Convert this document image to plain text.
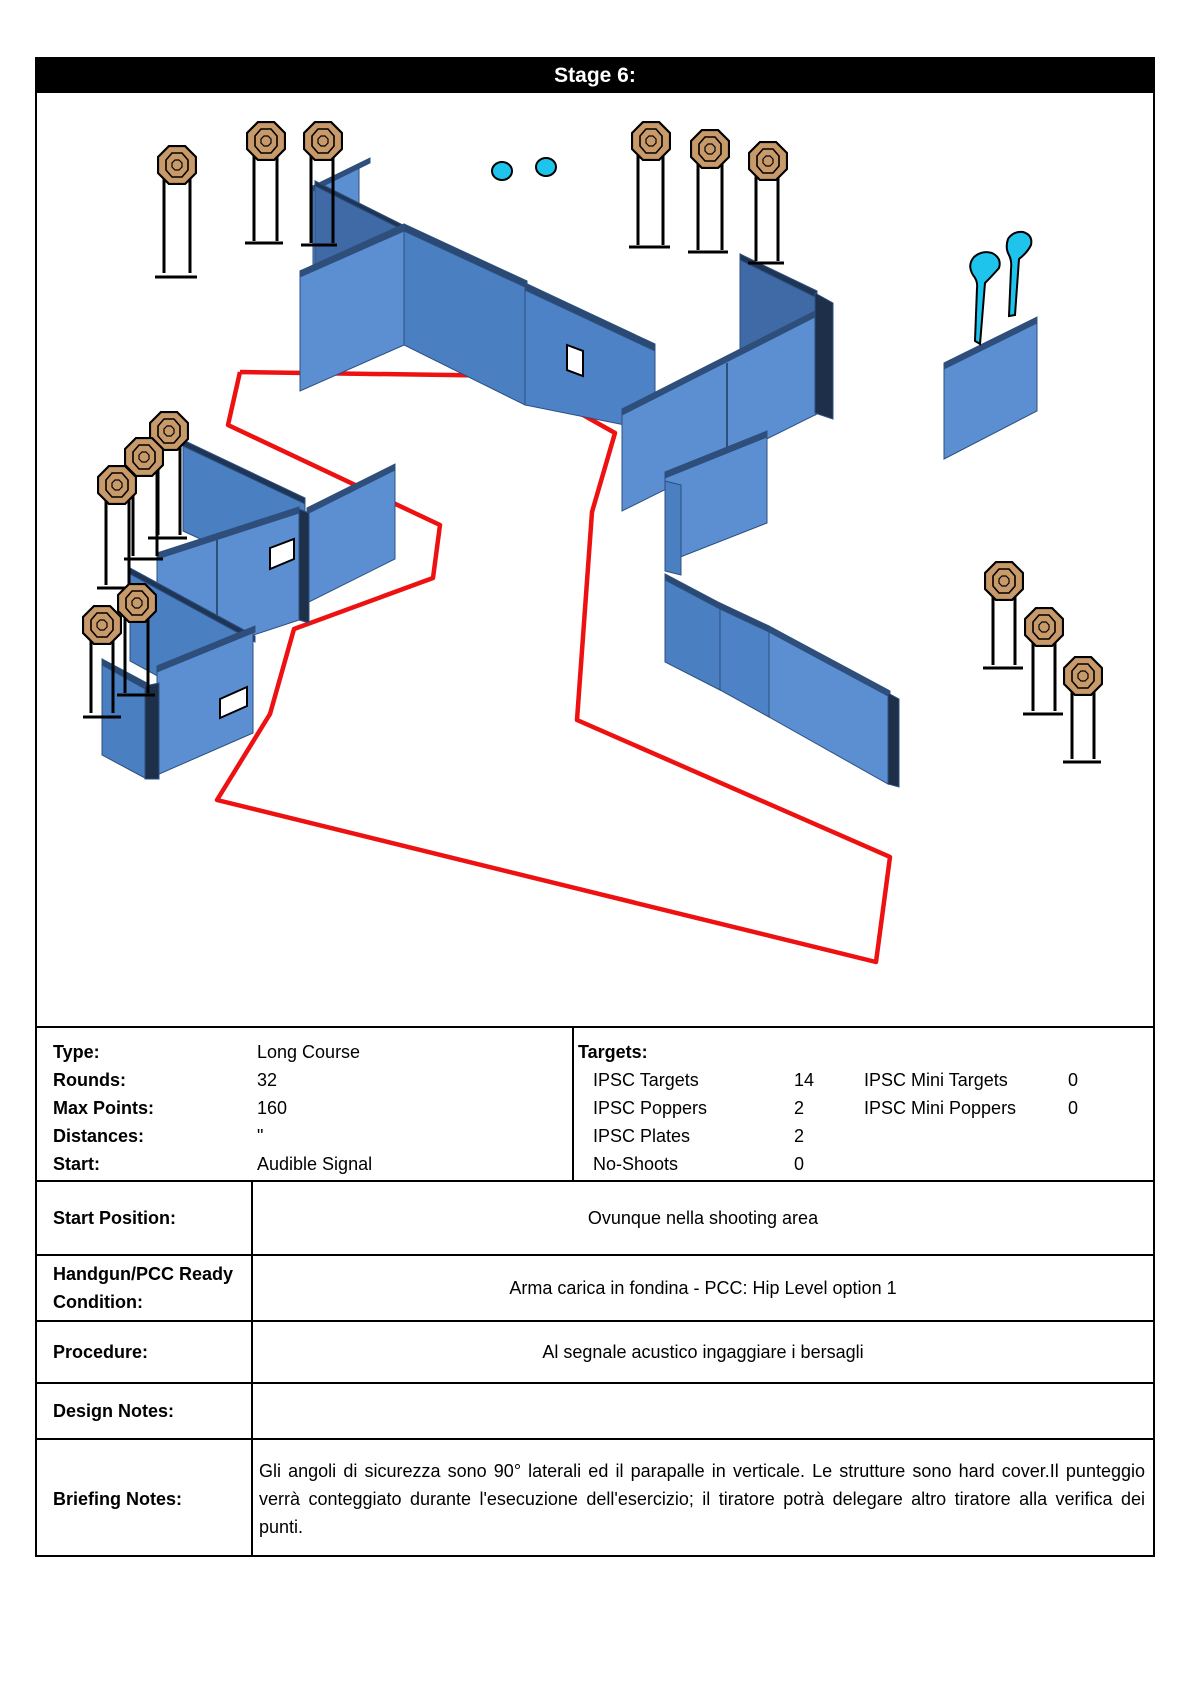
Stage 6:
Type:	Long Course
Rounds:	32
Max Points:	160
Distances:	"
Start:	Audible Signal
Targets:
IPSC Targets	14
IPSC Poppers	2
IPSC Plates	2
No-Shoots	0
IPSC Mini Targets	0
IPSC Mini Poppers	0
Start Position:	Ovunque nella shooting area
Handgun/PCC Ready Condition:
Arma carica in fondina - PCC: Hip Level option 1
Procedure:	Al segnale acustico ingaggiare i bersagli
Design Notes:
Briefing Notes:
Gli angoli di sicurezza sono 90° laterali ed il parapalle in verticale. Le strutture sono hard cover.Il punteggio verrà conteggiato durante l'esecuzione dell'esercizio; il tiratore potrà delegare altro tiratore alla verifica dei punti.
